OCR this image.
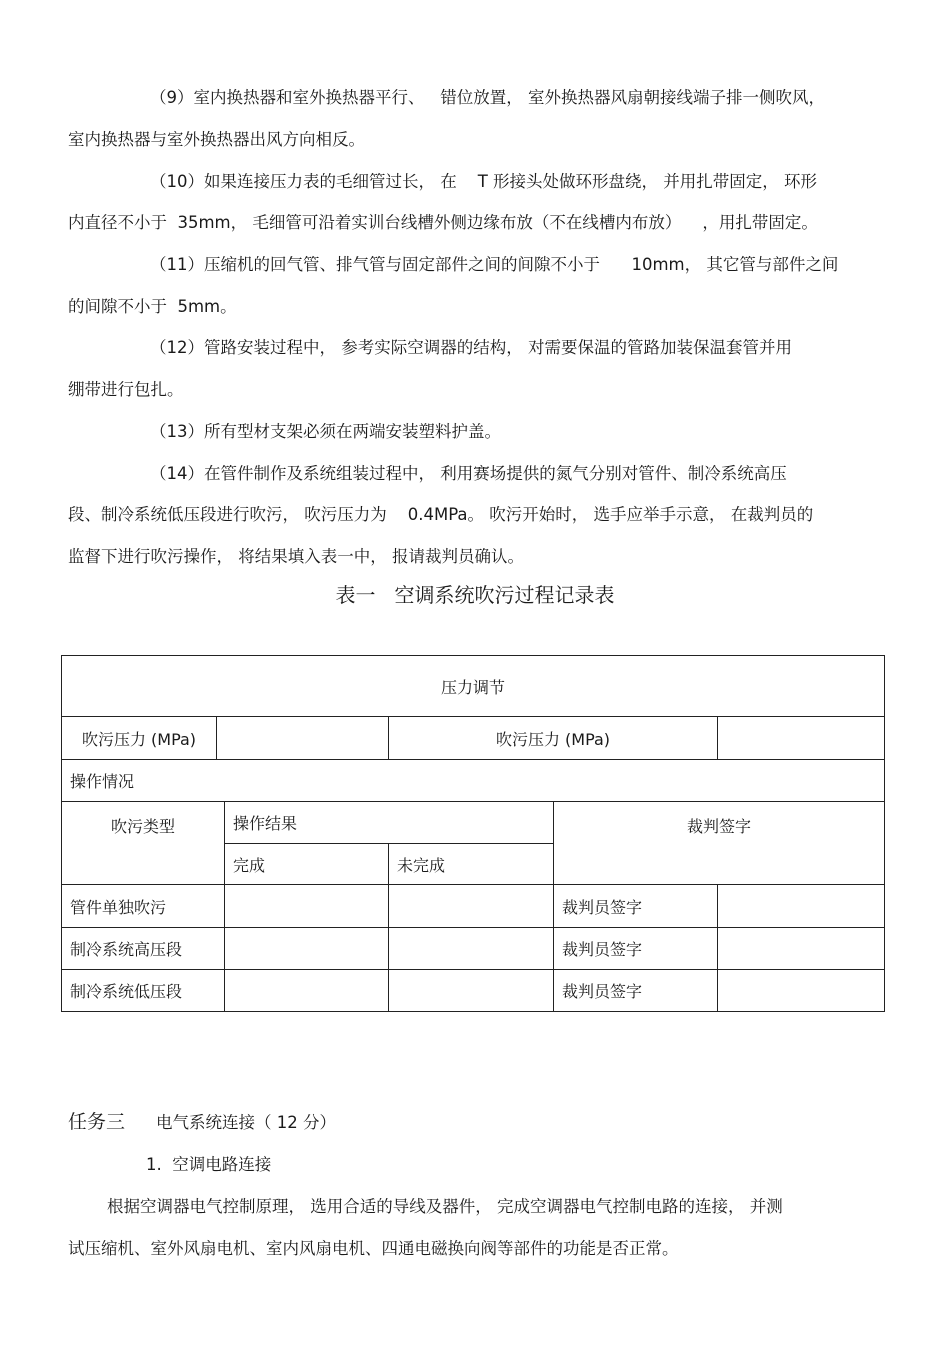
（9）室内换热器和室外换热器平行、   错位放置， 室外换热器风扇朝接线端子排一侧吹风，
室内换热器与室外换热器出风方向相反。
（10）如果连接压力表的毛细管过长， 在    T 形接头处做环形盘绕， 并用扎带固定， 环形
内直径不小于  35mm， 毛细管可沿着实训台线槽外侧边缘布放（不在线槽内布放）    ，用扎带固定。
（11）压缩机的回气管、排气管与固定部件之间的间隙不小于      10mm， 其它管与部件之间
的间隙不小于  5mm。
（12）管路安装过程中， 参考实际空调器的结构， 对需要保温的管路加装保温套管并用
绷带进行包扎。
（13）所有型材支架必须在两端安装塑料护盖。
（14）在管件制作及系统组装过程中， 利用赛场提供的氮气分别对管件、制冷系统高压
段、制冷系统低压段进行吹污， 吹污压力为    0.4MPa。 吹污开始时， 选手应举手示意， 在裁判员的
监督下进行吹污操作， 将结果填入表一中， 报请裁判员确认。
表一   空调系统吹污过程记录表
压力调节					
吹污压力 (MPa)			吹污压力 (MPa)		
操作情况					
吹污类型		操作结果		裁判签字	
		完成	未完成		
管件单独吹污				裁判员签字	
制冷系统高压段				裁判员签字	
制冷系统低压段				裁判员签字	
任务三 电气系统连接（ 12 分）
1.  空调电路连接
根据空调器电气控制原理， 选用合适的导线及器件， 完成空调器电气控制电路的连接， 并测
试压缩机、室外风扇电机、室内风扇电机、四通电磁换向阀等部件的功能是否正常。
